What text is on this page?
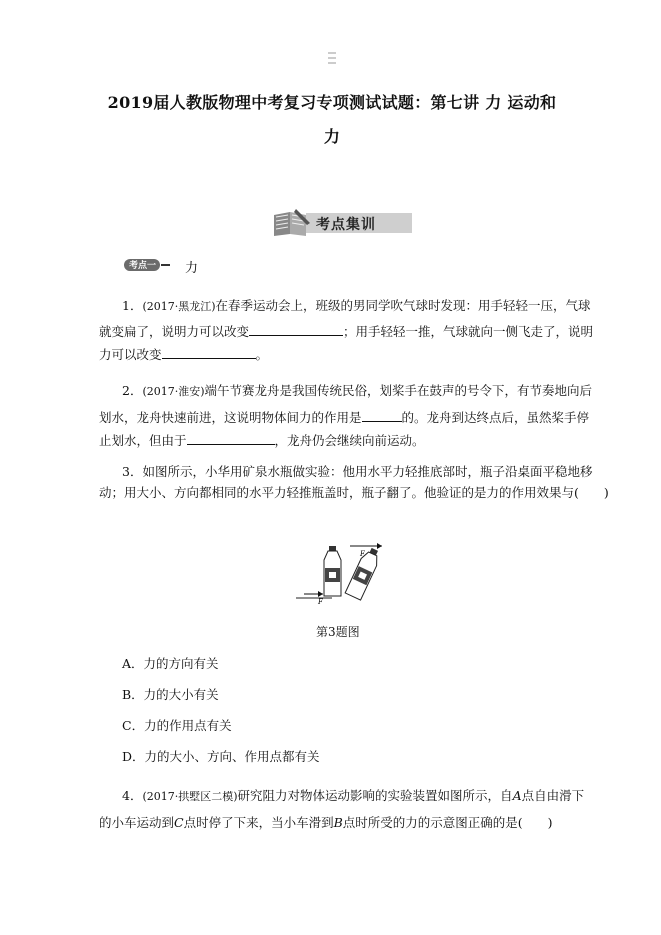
2019届人教版物理中考复习专项测试试题：第七讲 力 运动和
力
考点集训
考点一 力
1．(2017·黑龙江)在春季运动会上，班级的男同学吹气球时发现：用手轻轻一压，气球
就变扁了，说明力可以改变	；用手轻轻一推，气球就向一侧飞走了，说明
力可以改变	。
2．(2017·淮安)端午节赛龙舟是我国传统民俗，划桨手在鼓声的号令下，有节奏地向后
划水，龙舟快速前进，这说明物体间力的作用是	的。龙舟到达终点后，虽然桨手停
止划水，但由于	，龙舟仍会继续向前运动。
3．如图所示，小华用矿泉水瓶做实验：他用水平力轻推底部时，瓶子沿桌面平稳地移
动；用大小、方向都相同的水平力轻推瓶盖时，瓶子翻了。他验证的是力的作用效果与(　　)
F
F
第3题图
A．力的方向有关
B．力的大小有关
C．力的作用点有关
D．力的大小、方向、作用点都有关
4．(2017·拱墅区二模)研究阻力对物体运动影响的实验装置如图所示，自A点自由滑下
的小车运动到C点时停了下来，当小车滑到B点时所受的力的示意图正确的是(　　)
